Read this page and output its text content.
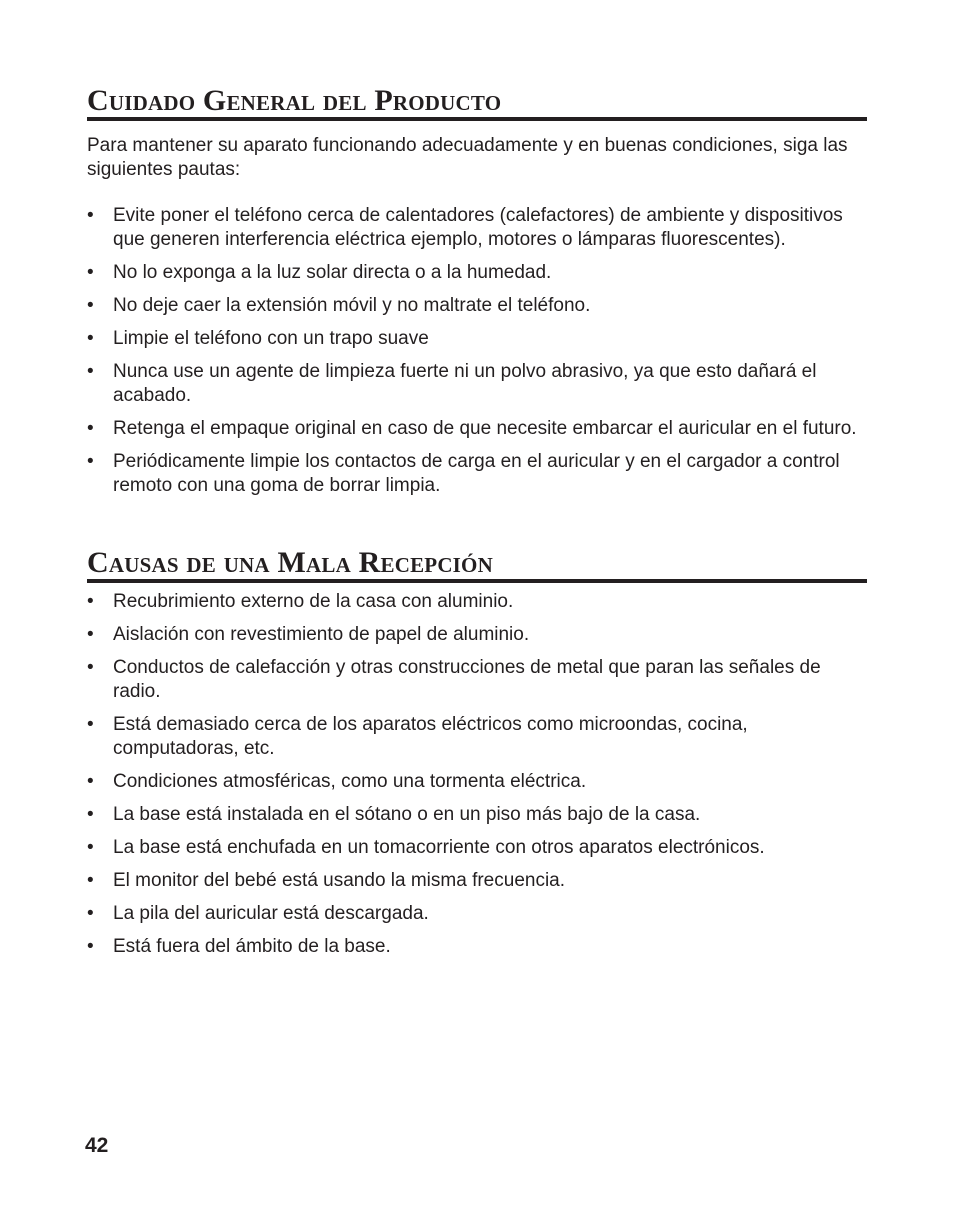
Cuidado General del Producto

Para mantener su aparato funcionando adecuadamente y en buenas condiciones, siga las siguientes pautas:

• Evite poner el teléfono cerca de calentadores (calefactores) de ambiente y dispositivos que generen interferencia eléctrica ejemplo, motores o lámparas fluorescentes).
• No lo exponga a la luz solar directa o a la humedad.
• No deje caer la extensión móvil y no maltrate el teléfono.
• Limpie el teléfono con un trapo suave
• Nunca use un agente de limpieza fuerte ni un polvo abrasivo, ya que esto dañará el acabado.
• Retenga el empaque original en caso de que necesite embarcar el auricular en el futuro.
• Periódicamente limpie los contactos de carga en el auricular y en el cargador a control remoto con una goma de borrar limpia.
Causas de una Mala Recepción
• Recubrimiento externo de la casa con aluminio.
• Aislación con revestimiento de papel de aluminio.
• Conductos de calefacción y otras construcciones de metal que paran las señales de radio.
• Está demasiado cerca de los aparatos eléctricos como microondas, cocina, computadoras, etc.
• Condiciones atmosféricas, como una tormenta eléctrica.
• La base está instalada en el sótano o en un piso más bajo de la casa.
• La base está enchufada en un tomacorriente con otros aparatos electrónicos.
• El monitor del bebé está usando la misma frecuencia.
• La pila del auricular está descargada.
• Está fuera del ámbito de la base.
42
